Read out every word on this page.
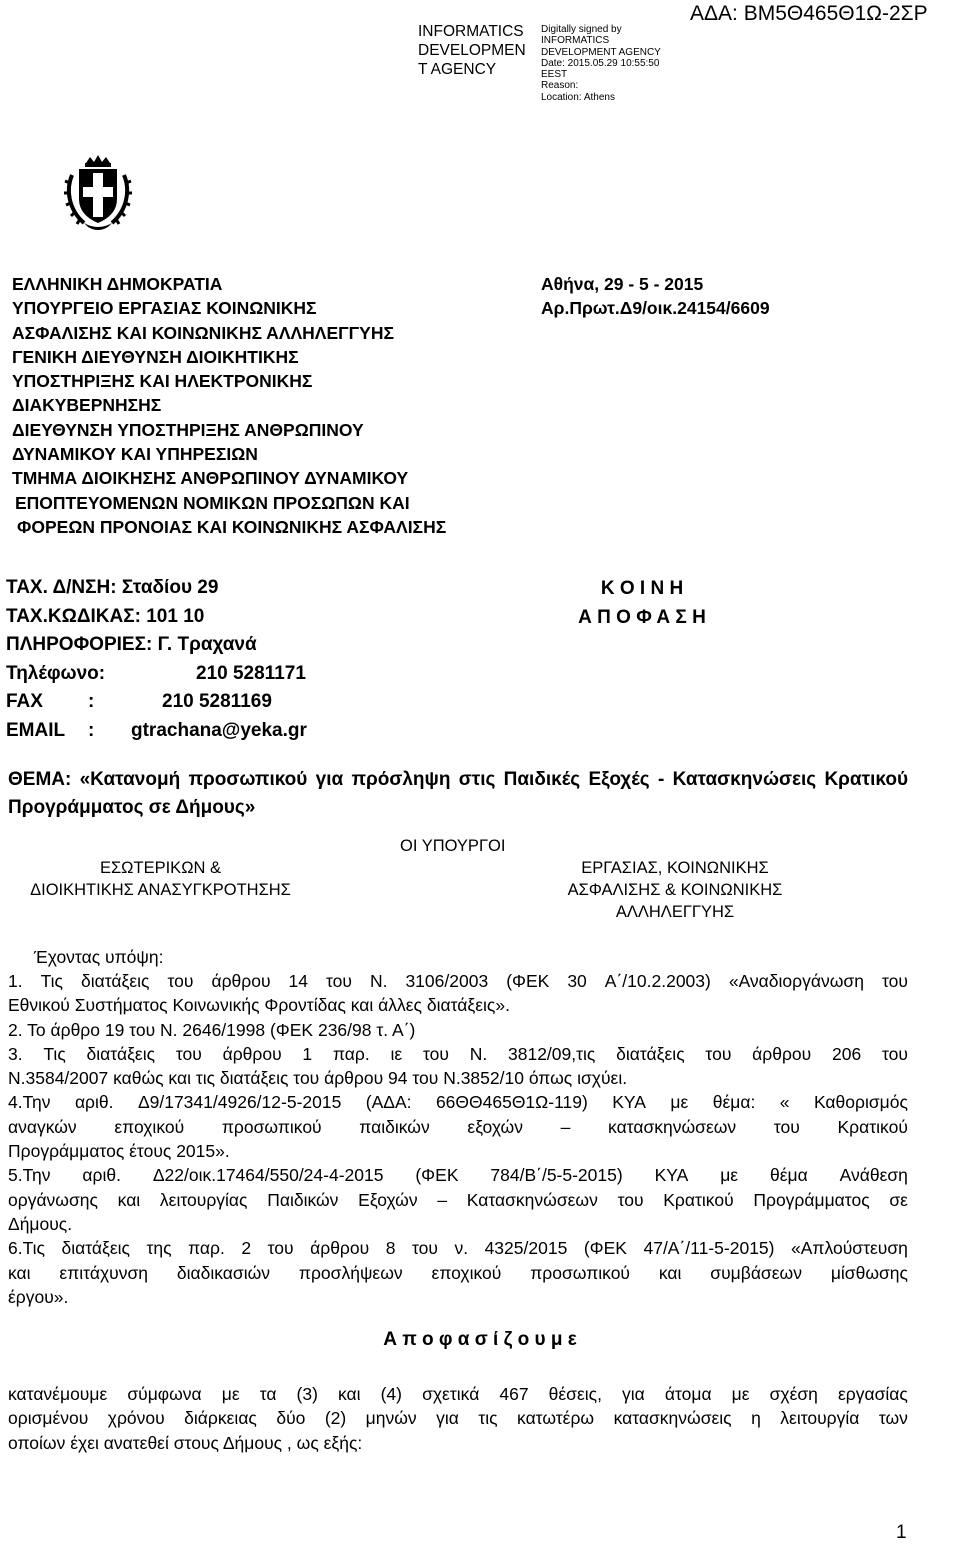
INFORMATICS
DEVELOPMEN
T AGENCY
Digitally signed by
INFORMATICS
DEVELOPMENT AGENCY
Date: 2015.05.29 10:55:50
EEST
Reason:
Location: Athens
ΑΔΑ: ΒΜ5Θ465Θ1Ω-2ΣΡ
ΕΛΛΗΝΙΚΗ ΔΗΜΟΚΡΑΤΙΑ
ΥΠΟΥΡΓΕΙΟ ΕΡΓΑΣΙΑΣ ΚΟΙΝΩΝΙΚΗΣ
ΑΣΦΑΛΙΣΗΣ ΚΑΙ ΚΟΙΝΩΝΙΚΗΣ ΑΛΛΗΛΕΓΓΥΗΣ
ΓΕΝΙΚΗ ΔΙΕΥΘΥΝΣΗ ΔΙΟΙΚΗΤΙΚΗΣ
ΥΠΟΣΤΗΡΙΞΗΣ ΚΑΙ ΗΛΕΚΤΡΟΝΙΚΗΣ
ΔΙΑΚΥΒΕΡΝΗΣΗΣ
ΔΙΕΥΘΥΝΣΗ ΥΠΟΣΤΗΡΙΞΗΣ ΑΝΘΡΩΠΙΝΟΥ
ΔΥΝΑΜΙΚΟΥ ΚΑΙ ΥΠΗΡΕΣΙΩΝ
ΤΜΗΜΑ ΔΙΟΙΚΗΣΗΣ ΑΝΘΡΩΠΙΝΟΥ ΔΥΝΑΜΙΚΟΥ
ΕΠΟΠΤΕΥΟΜΕΝΩΝ ΝΟΜΙΚΩΝ ΠΡΟΣΩΠΩΝ ΚΑΙ
ΦΟΡΕΩΝ ΠΡΟΝΟΙΑΣ ΚΑΙ ΚΟΙΝΩΝΙΚΗΣ ΑΣΦΑΛΙΣΗΣ
Αθήνα, 29 - 5 - 2015
Αρ.Πρωτ.Δ9/οικ.24154/6609
ΤΑΧ. Δ/ΝΣΗ: Σταδίου 29
ΤΑΧ.ΚΩΔΙΚΑΣ: 101 10
ΠΛΗΡΟΦΟΡΙΕΣ: Γ. Τραχανά
Τηλέφωνο:	210 5281171
FAX :	210 5281169
EMAIL : gtrachana@yeka.gr
Κ Ο Ι Ν Η
Α Π Ο Φ Α Σ Η
ΘΕΜΑ: «Κατανομή προσωπικού για πρόσληψη στις Παιδικές Εξοχές - Κατασκηνώσεις Κρατικού Προγράμματος σε Δήμους»
ΟΙ ΥΠΟΥΡΓΟΙ
ΕΣΩΤΕΡΙΚΩΝ &
ΔΙΟΙΚΗΤΙΚΗΣ ΑΝΑΣΥΓΚΡΟΤΗΣΗΣ
ΕΡΓΑΣΙΑΣ, ΚΟΙΝΩΝΙΚΗΣ
ΑΣΦΑΛΙΣΗΣ & ΚΟΙΝΩΝΙΚΗΣ
ΑΛΛΗΛΕΓΓΥΗΣ
Έχοντας υπόψη:
1. Τις διατάξεις του άρθρου 14 του Ν. 3106/2003 (ΦΕΚ 30 Α΄/10.2.2003) «Αναδιοργάνωση του
Εθνικού Συστήματος Κοινωνικής Φροντίδας και άλλες διατάξεις».
2. Το άρθρο 19 του Ν. 2646/1998 (ΦΕΚ 236/98 τ. Α΄)
3. Τις διατάξεις του άρθρου 1 παρ. ιε του Ν. 3812/09,τις διατάξεις του άρθρου 206 του
Ν.3584/2007 καθώς και τις διατάξεις του άρθρου 94 του Ν.3852/10 όπως ισχύει.
4.Την αριθ. Δ9/17341/4926/12-5-2015 (ΑΔΑ: 66ΘΘ465Θ1Ω-119) ΚΥΑ με θέμα: « Καθορισμός
αναγκών εποχικού προσωπικού παιδικών εξοχών – κατασκηνώσεων του Κρατικού
Προγράμματος έτους 2015».
5.Την αριθ. Δ22/οικ.17464/550/24-4-2015 (ΦΕΚ 784/Β΄/5-5-2015) ΚΥΑ με θέμα Ανάθεση
οργάνωσης και λειτουργίας Παιδικών Εξοχών – Κατασκηνώσεων του Κρατικού Προγράμματος σε
Δήμους.
6.Τις διατάξεις της παρ. 2 του άρθρου 8 του ν. 4325/2015 (ΦΕΚ 47/Α΄/11-5-2015) «Απλούστευση
και επιτάχυνση διαδικασιών προσλήψεων εποχικού προσωπικού και συμβάσεων μίσθωσης
έργου».
Α π ο φ α σ ί ζ ο υ μ ε
κατανέμουμε σύμφωνα με τα (3) και (4) σχετικά 467 θέσεις, για άτομα με σχέση εργασίας
ορισμένου χρόνου διάρκειας δύο (2) μηνών για τις κατωτέρω κατασκηνώσεις η λειτουργία των
οποίων έχει ανατεθεί στους Δήμους , ως εξής:
1
